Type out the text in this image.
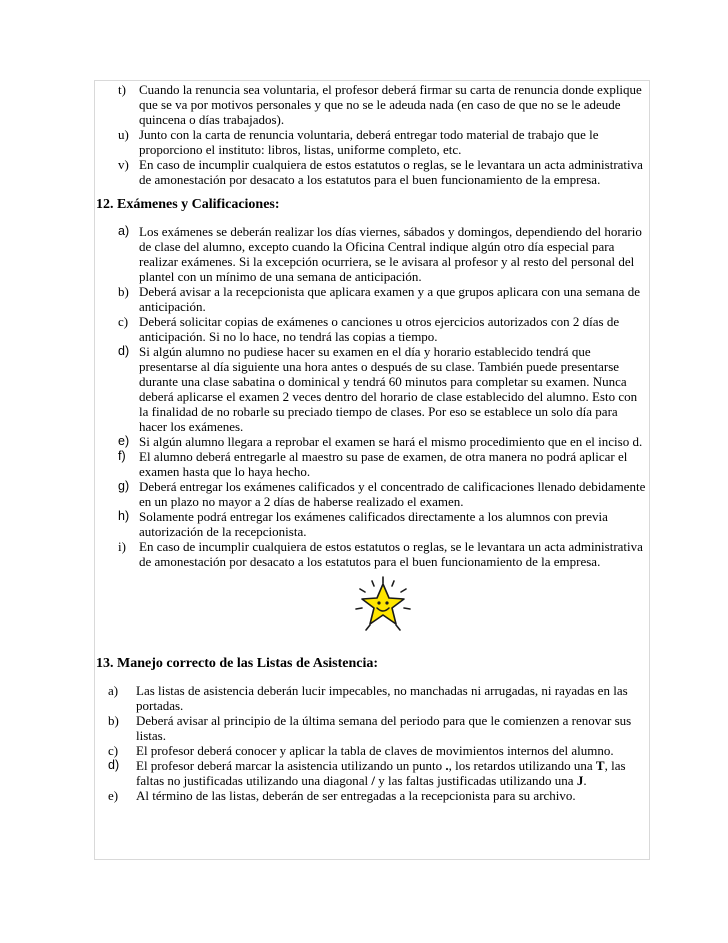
t)	Cuando la renuncia sea voluntaria, el profesor deberá firmar su carta de renuncia donde explique que se va por motivos personales y que no se le adeuda nada (en caso de que no se le adeude quincena o días trabajados).
u) Junto con la carta de renuncia voluntaria, deberá entregar todo material de trabajo que le proporciono el instituto: libros, listas, uniforme completo, etc.
v) En caso de incumplir cualquiera de estos estatutos o reglas, se le levantara un acta administrativa de amonestación por desacato a los estatutos para el buen funcionamiento de la empresa.
12. Exámenes y Calificaciones:
a) Los exámenes se deberán realizar los días viernes, sábados y domingos, dependiendo del horario de clase del alumno, excepto cuando la Oficina Central indique algún otro día especial para realizar exámenes. Si la excepción ocurriera, se le avisara al profesor y al resto del personal del plantel con un mínimo de una semana de anticipación.
b) Deberá avisar a la recepcionista que aplicara examen y a que grupos aplicara con una semana de anticipación.
c) Deberá solicitar copias de exámenes o canciones u otros ejercicios autorizados con 2 días de anticipación. Si no lo hace, no tendrá las copias a tiempo.
d) Si algún alumno no pudiese hacer su examen en el día y horario establecido tendrá que presentarse al día siguiente una hora antes o después de su clase. También puede presentarse durante una clase sabatina o dominical y tendrá 60 minutos para completar su examen. Nunca deberá aplicarse el examen 2 veces dentro del horario de clase establecido del alumno. Esto con la finalidad de no robarle su preciado tiempo de clases. Por eso se establece un solo día para hacer los exámenes.
e) Si algún alumno llegara a reprobar el examen se hará el mismo procedimiento que en el inciso d.
f)	El alumno deberá entregarle al maestro su pase de examen, de otra manera no podrá aplicar el examen hasta que lo haya hecho.
g) Deberá entregar los exámenes calificados y el concentrado de calificaciones llenado debidamente en un plazo no mayor a 2 días de haberse realizado el examen.
h) Solamente podrá entregar los exámenes calificados directamente a los alumnos con previa autorización de la recepcionista.
i)	En caso de incumplir cualquiera de estos estatutos o reglas, se le levantara un acta administrativa de amonestación por desacato a los estatutos para el buen funcionamiento de la empresa.
13. Manejo correcto de las Listas de Asistencia:
a)	Las listas de asistencia deberán lucir impecables, no manchadas ni arrugadas, ni rayadas en las portadas.
b)	Deberá avisar al principio de la última semana del periodo para que le comienzen a renovar sus listas.
c)	El profesor deberá conocer y aplicar la tabla de claves de movimientos internos del alumno.
d)	El profesor deberá marcar la asistencia utilizando un punto ., los retardos utilizando una T, las faltas no justificadas utilizando una diagonal / y las faltas justificadas utilizando una J.
e)	Al término de las listas, deberán de ser entregadas a la recepcionista para su archivo.
